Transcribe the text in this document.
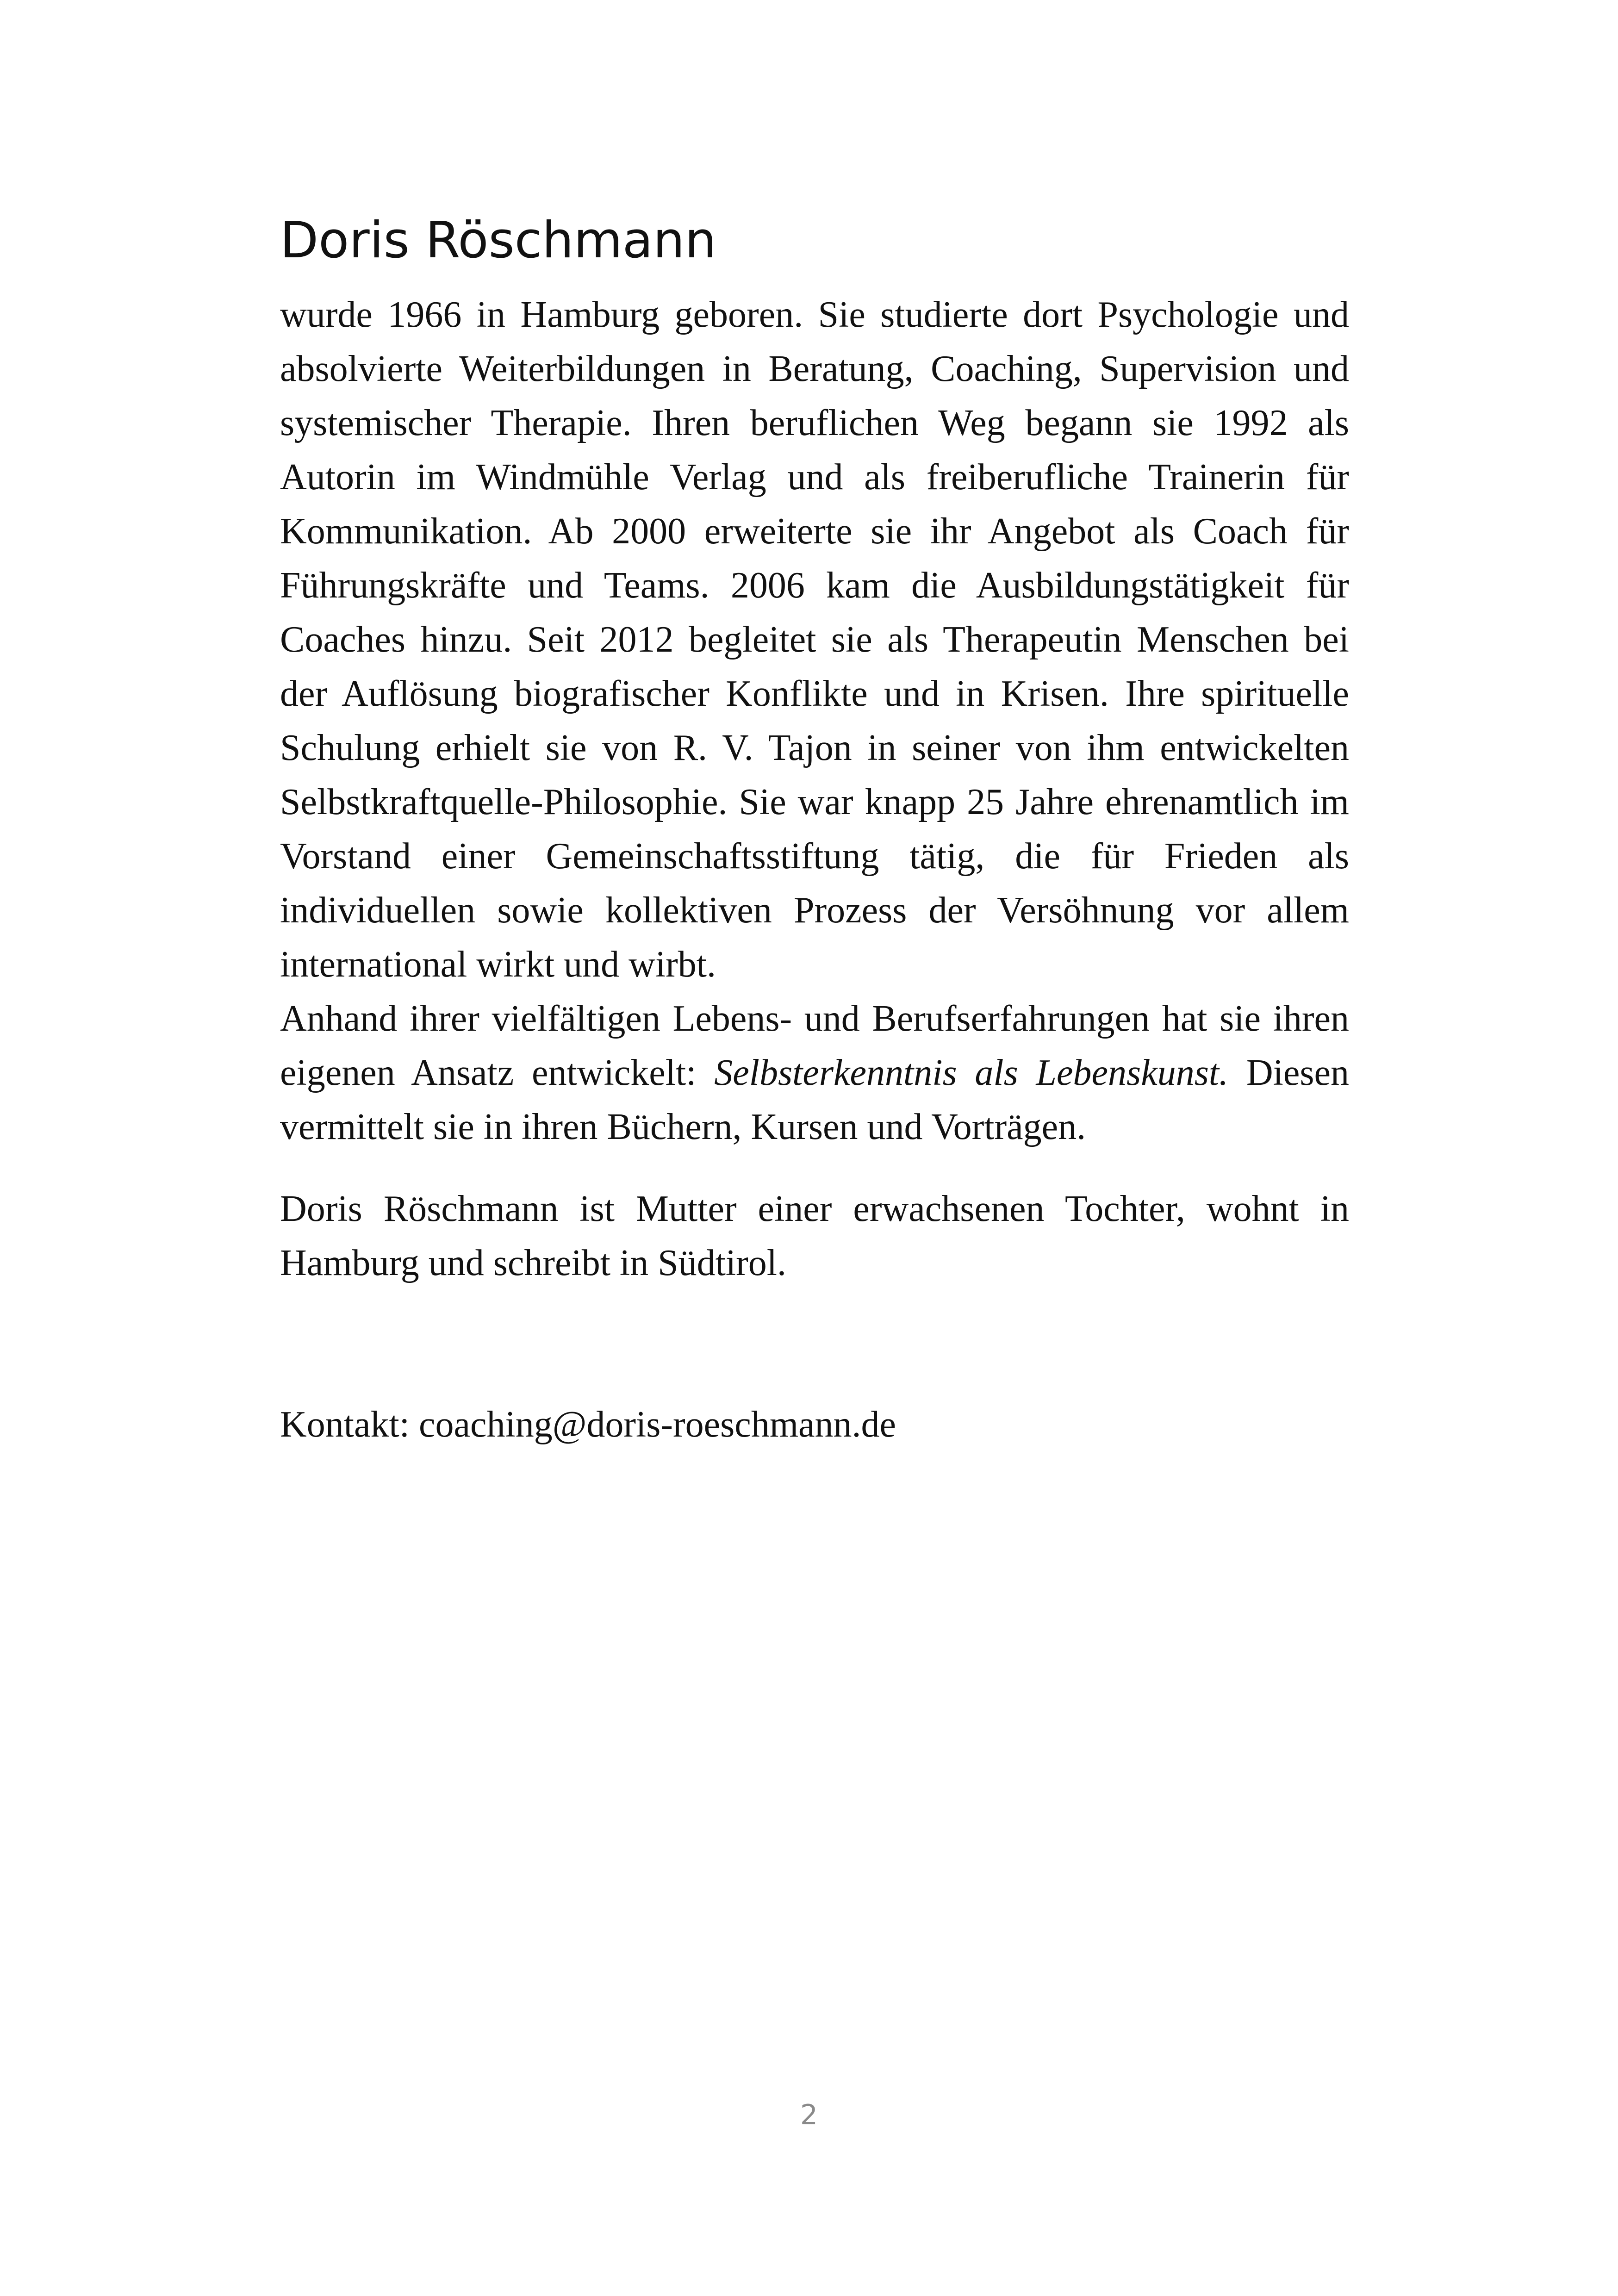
Doris Röschmann

wurde 1966 in Hamburg geboren. Sie studierte dort Psychologie und absolvierte Weiterbildungen in Beratung, Coaching, Supervision und systemischer Therapie. Ihren beruflichen Weg begann sie 1992 als Autorin im Windmühle Verlag und als freiberufliche Trainerin für Kommunikation. Ab 2000 erweiterte sie ihr Angebot als Coach für Führungskräfte und Teams. 2006 kam die Ausbildungstätigkeit für Coaches hinzu. Seit 2012 begleitet sie als Therapeutin Menschen bei der Auflösung biografischer Konflikte und in Krisen. Ihre spirituelle Schulung erhielt sie von R. V. Tajon in seiner von ihm entwickelten Selbstkraftquelle-Philosophie. Sie war knapp 25 Jahre ehrenamtlich im Vorstand einer Gemeinschaftsstiftung tätig, die für Frieden als individuellen sowie kollektiven Prozess der Versöhnung vor allem international wirkt und wirbt.

Anhand ihrer vielfältigen Lebens- und Berufserfahrungen hat sie ihren eigenen Ansatz entwickelt: Selbsterkenntnis als Lebenskunst. Diesen vermittelt sie in ihren Büchern, Kursen und Vorträgen.

Doris Röschmann ist Mutter einer erwachsenen Tochter, wohnt in Hamburg und schreibt in Südtirol.

Kontakt: coaching@doris-roeschmann.de
2
